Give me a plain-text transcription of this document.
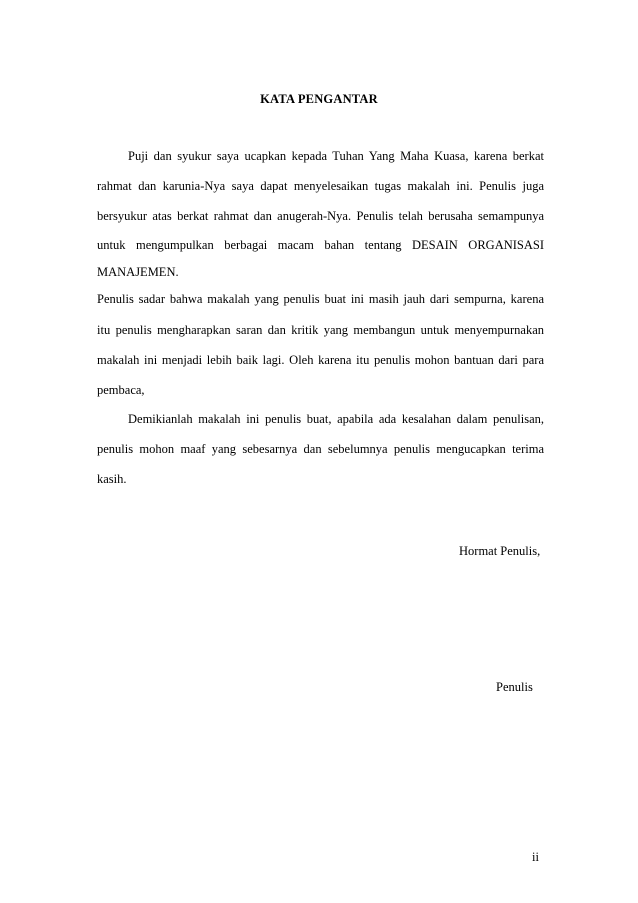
KATA PENGANTAR
Puji dan syukur saya ucapkan kepada Tuhan Yang Maha Kuasa, karena berkat
rahmat dan karunia-Nya saya dapat menyelesaikan tugas makalah ini. Penulis juga
bersyukur atas berkat rahmat dan anugerah-Nya. Penulis telah berusaha semampunya
untuk mengumpulkan berbagai macam bahan tentang DESAIN ORGANISASI
MANAJEMEN.
Penulis sadar bahwa makalah yang penulis buat ini masih jauh dari sempurna, karena
itu penulis mengharapkan saran dan kritik yang membangun untuk menyempurnakan
makalah ini menjadi lebih baik lagi. Oleh karena itu penulis mohon bantuan dari para
pembaca,
Demikianlah makalah ini penulis buat, apabila ada kesalahan dalam penulisan,
penulis mohon maaf yang sebesarnya dan sebelumnya penulis mengucapkan terima
kasih.
Hormat Penulis,
Penulis
ii
